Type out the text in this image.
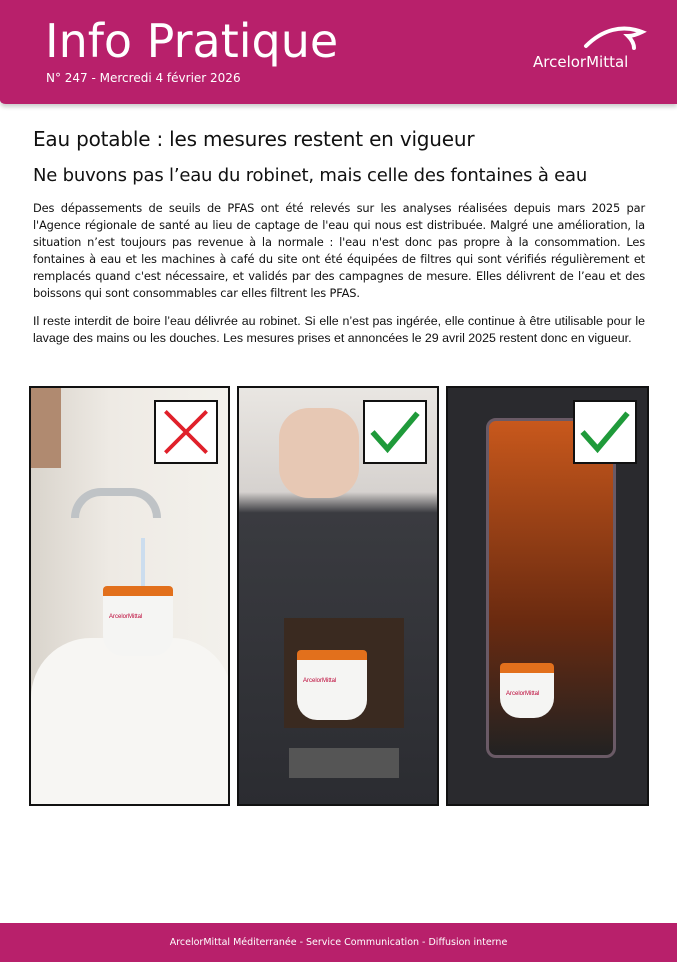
Info Pratique
N° 247 - Mercredi 4 février 2026
ArcelorMittal
Eau potable : les mesures restent en vigueur
Ne buvons pas l’eau du robinet, mais celle des fontaines à eau

Des dépassements de seuils de PFAS ont été relevés sur les analyses réalisées depuis mars 2025 par l'Agence régionale de santé au lieu de captage de l'eau qui nous est distribuée. Malgré une amélioration, la situation n’est toujours pas revenue à la normale : l'eau n'est donc pas propre à la consommation. Les fontaines à eau et les machines à café du site ont été équipées de filtres qui sont vérifiés régulièrement et remplacés quand c'est nécessaire, et validés par des campagnes de mesure. Elles délivrent de l’eau et des boissons qui sont consommables car elles filtrent les PFAS.

Il reste interdit de boire l’eau délivrée au robinet. Si elle n’est pas ingérée, elle continue à être utilisable pour le lavage des mains ou les douches. Les mesures prises et annoncées le 29 avril 2025 restent donc en vigueur.

ArcelorMittal
ArcelorMittal
ArcelorMittal
ArcelorMittal Méditerranée - Service Communication - Diffusion interne
